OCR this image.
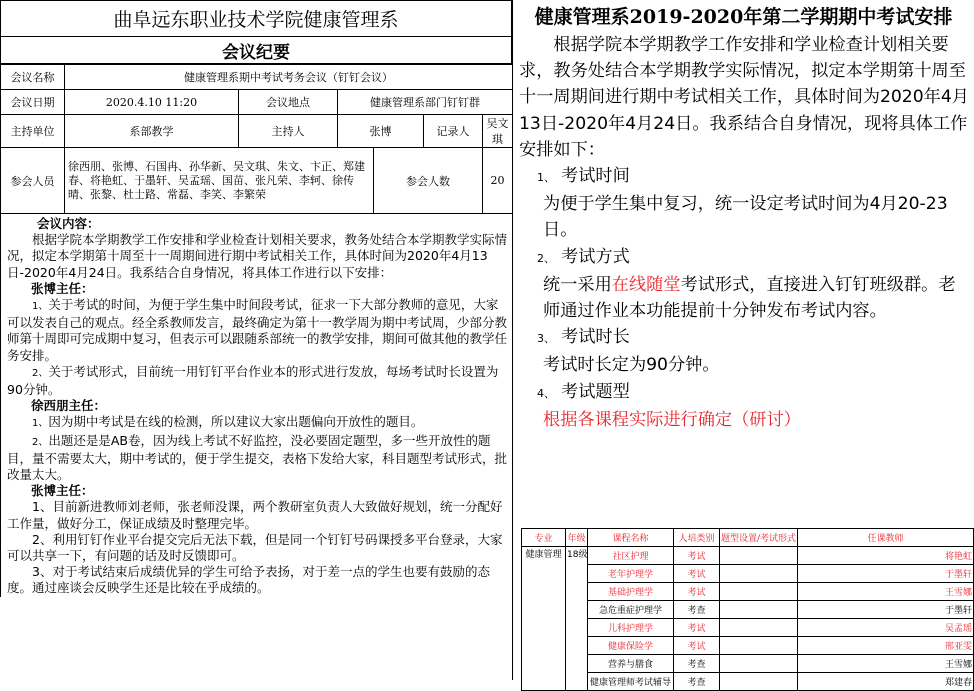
曲阜远东职业技术学院健康管理系
会议纪要
会议名称	健康管理系期中考试考务会议（钉钉会议）					
会议日期	2020.4.10 11:20	会议地点	健康管理系部门钉钉群			
主持单位	系部教学	主持人	张博		记录人	吴文琪
参会人员	徐西朋、张博、石国冉、孙华新、吴文琪、朱文、卞正、郑建春、将艳虹、于墨轩、吴孟瑶、国苗、张凡荣、李轲、徐传晴、张黎、杜士路、常磊、李笑、李繁荣			参会人数		20

会议内容：

根据学院本学期教学工作安排和学业检查计划相关要求，教务处结合本学期教学实际情况，拟定本学期第十周至十一周期间进行期中考试相关工作，具体时间为2020年4月13日-2020年4月24日。我系结合自身情况，将具体工作进行以下安排：

张博主任：

1、关于考试的时间，为便于学生集中时间段考试，征求一下大部分教师的意见，大家可以发表自己的观点。经全系教师发言，最终确定为第十一教学周为期中考试周，少部分教师第十周即可完成期中复习，但表示可以跟随系部统一的教学安排，期间可做其他的教学任务安排。

2、关于考试形式，目前统一用钉钉平台作业本的形式进行发放，每场考试时长设置为90分钟。

徐西朋主任：

1、因为期中考试是在线的检测，所以建议大家出题偏向开放性的题目。

2、出题还是是AB卷，因为线上考试不好监控，没必要固定题型，多一些开放性的题目，量不需要太大，期中考试的，便于学生提交，表格下发给大家，科目题型考试形式，批改量太大。

张博主任：

1、目前新进教师刘老师，张老师没课，两个教研室负责人大致做好规划，统一分配好工作量，做好分工，保证成绩及时整理完毕。

2、利用钉钉作业平台提交完后无法下载，但是同一个钉钉号码课授多平台登录，大家可以共享一下，有问题的话及时反馈即可。

3、对于考试结束后成绩优异的学生可给予表扬，对于差一点的学生也要有鼓励的态度。通过座谈会反映学生还是比较在乎成绩的。

健康管理系2019-2020年第二学期期中考试安排

根据学院本学期教学工作安排和学业检查计划相关要求，教务处结合本学期教学实际情况，拟定本学期第十周至十一周期间进行期中考试相关工作，具体时间为2020年4月13日-2020年4月24日。我系结合自身情况，现将具体工作安排如下：

1、 考试时间

为便于学生集中复习，统一设定考试时间为4月20-23日。

2、 考试方式

统一采用在线随堂考试形式，直接进入钉钉班级群。老师通过作业本功能提前十分钟发布考试内容。

3、 考试时长

考试时长定为90分钟。

4、 考试题型

根据各课程实际进行确定（研讨）

专业	年级	课程名称	人培类别	题型设置/考试形式	任课教师
健康管理	18级	社区护理	考试		将艳虹
		老年护理学	考试		于墨轩
		基础护理学	考试		王雪娜
		急危重症护理学	考查		于墨轩
		儿科护理学	考试		吴孟瑶
		健康保险学	考试		邢亚雯
		营养与膳食	考查		王雪娜
		健康管理师考试辅导	考查		郑建春
